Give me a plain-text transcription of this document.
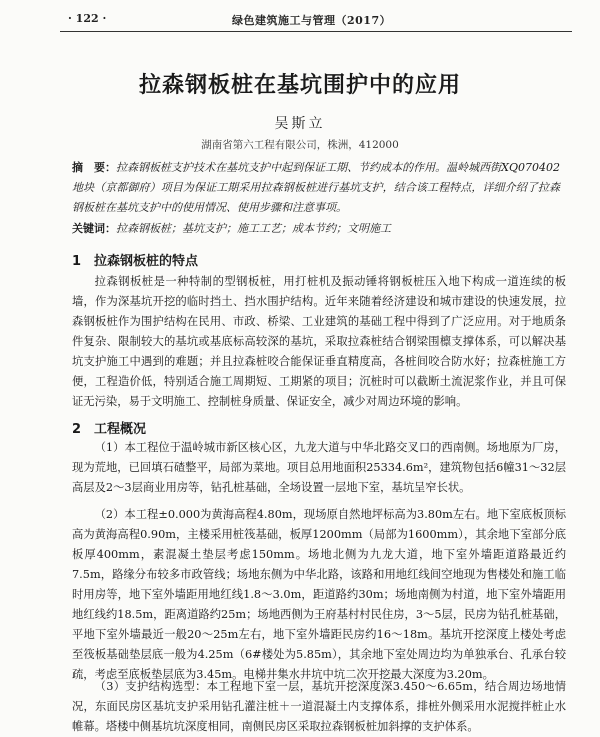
· 122 ·	绿色建筑施工与管理（2017）
拉森钢板桩在基坑围护中的应用
吴斯立
湖南省第六工程有限公司，株洲，412000
摘　要：拉森钢板桩支护技术在基坑支护中起到保证工期、节约成本的作用。温岭城西街XQ070402地块（京都御府）项目为保证工期采用拉森钢板桩进行基坑支护，结合该工程特点，详细介绍了拉森钢板桩在基坑支护中的使用情况、使用步骤和注意事项。
关键词：拉森钢板桩；基坑支护；施工工艺；成本节约；文明施工
1 拉森钢板桩的特点
拉森钢板桩是一种特制的型钢板桩，用打桩机及振动锤将钢板桩压入地下构成一道连续的板墙，作为深基坑开挖的临时挡土、挡水围护结构。近年来随着经济建设和城市建设的快速发展，拉森钢板桩作为围护结构在民用、市政、桥梁、工业建筑的基础工程中得到了广泛应用。对于地质条件复杂、限制较大的基坑或基底标高较深的基坑，采取拉森桩结合钢梁围檩支撑体系，可以解决基坑支护施工中遇到的难题；并且拉森桩咬合能保证垂直精度高，各桩间咬合防水好；拉森桩施工方便，工程造价低，特别适合施工周期短、工期紧的项目；沉桩时可以截断土流泥浆作业，并且可保证无污染，易于文明施工、控制桩身质量、保证安全，减少对周边环境的影响。
2 工程概况
（1）本工程位于温岭城市新区核心区，九龙大道与中华北路交叉口的西南侧。场地原为厂房，现为荒地，已回填石碴整平，局部为菜地。项目总用地面积25334.6m²，建筑物包括6幢31～32层高层及2～3层商业用房等，钻孔桩基础，全场设置一层地下室，基坑呈窄长状。
（2）本工程±0.000为黄海高程4.80m，现场原自然地坪标高为3.80m左右。地下室底板顶标高为黄海高程0.90m，主楼采用桩筏基础，板厚1200mm（局部为1600mm），其余地下室部分底板厚400mm，素混凝土垫层考虑150mm。场地北侧为九龙大道，地下室外墙距道路最近约7.5m，路缘分布较多市政管线；场地东侧为中华北路，该路和用地红线间空地现为售楼处和施工临时用房等，地下室外墙距用地红线1.8～3.0m，距道路约30m；场地南侧为村道，地下室外墙距用地红线约18.5m，距离道路约25m；场地西侧为王府基村村民住房，3～5层，民房为钻孔桩基础，平地下室外墙最近一般20～25m左右，地下室外墙距民房约16～18m。基坑开挖深度上楼处考虑至筏板基础垫层底一般为4.25m（6#楼处为5.85m），其余地下室处周边均为单独承台、孔承台较疏，考虑至底板垫层底为3.45m。电梯井集水井坑中坑二次开挖最大深度为3.20m。
（3）支护结构选型：本工程地下室一层，基坑开挖深度深3.450～6.65m，结合周边场地情况，东面民房区基坑支护采用钻孔灌注桩＋一道混凝土内支撑体系，排桩外侧采用水泥搅拌桩止水帷幕。塔楼中侧基坑坑深度相同，南侧民房区采取拉森钢板桩加斜撑的支护体系。
